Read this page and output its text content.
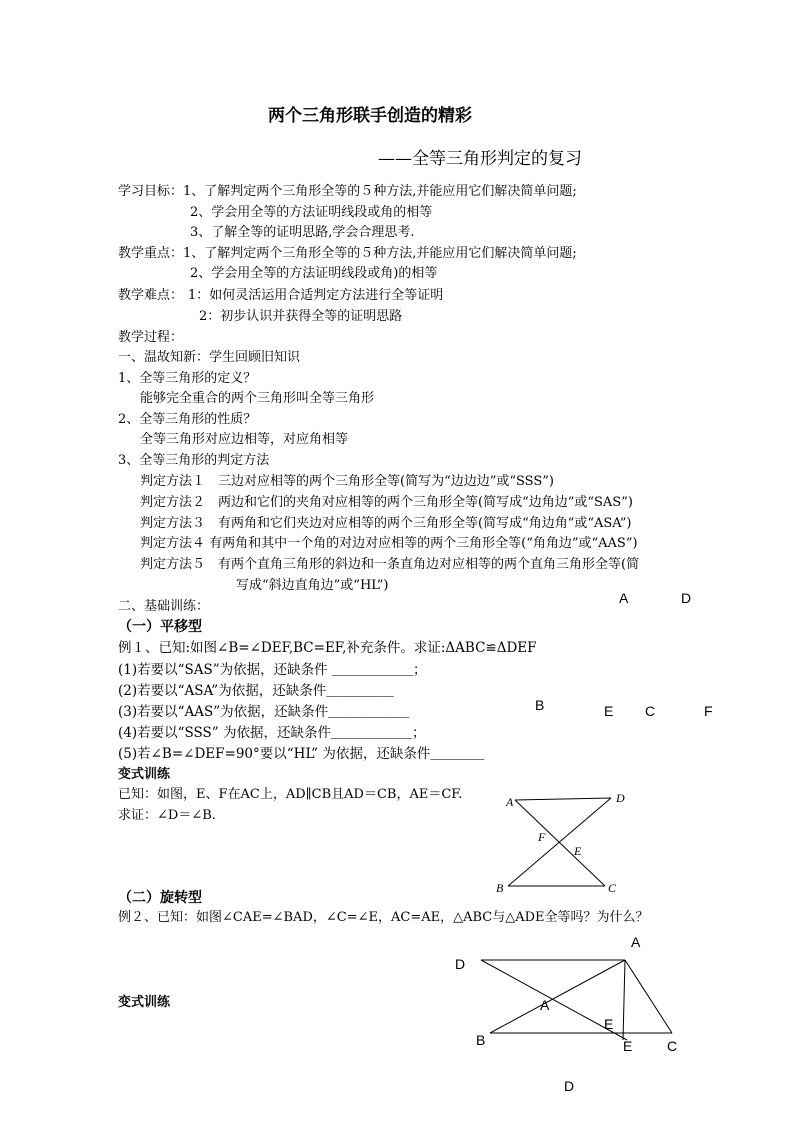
两个三角形联手创造的精彩
——全等三角形判定的复习
学习目标： 1、了解判定两个三角形全等的５种方法,并能应用它们解决简单问题;
2、学会用全等的方法证明线段或角的相等
3、了解全等的证明思路,学会合理思考.
教学重点： 1、了解判定两个三角形全等的５种方法,并能应用它们解决简单问题;
2、学会用全等的方法证明线段或角)的相等
教学难点： 1：如何灵活运用合适判定方法进行全等证明
2：初步认识并获得全等的证明思路
教学过程：
一、温故知新：学生回顾旧知识
1、全等三角形的定义？
能够完全重合的两个三角形叫全等三角形
2、全等三角形的性质？
全等三角形对应边相等，对应角相等
3、全等三角形的判定方法
判定方法１　三边对应相等的两个三角形全等(简写为“边边边”或“SSS”)
判定方法２　两边和它们的夹角对应相等的两个三角形全等(简写成“边角边”或“SAS”)
判定方法３　有两角和它们夹边对应相等的两个三角形全等(简写成“角边角”或“ASA”)
判定方法４ 有两角和其中一个角的对边对应相等的两个三角形全等(“角角边”或“AAS”)
判定方法５　有两个直角三角形的斜边和一条直角边对应相等的两个直角三角形全等(简
写成“斜边直角边”或“HL”)
二、基础训练：
（一）平移型
例１、已知:如图∠B=∠DEF,BC=EF,补充条件。求证:ΔABC≌ΔDEF
(1)若要以“SAS”为依据，还缺条件 ＿＿＿＿＿＿；
(2)若要以“ASA”为依据，还缺条件＿＿＿＿＿
(3)若要以“AAS”为依据，还缺条件＿＿＿＿＿＿
(4)若要以“SSS” 为依据，还缺条件＿＿＿＿＿＿；
(5)若∠B=∠DEF=90°要以“HL” 为依据，还缺条件＿＿＿＿
变式训练
已知：如图，E、F在AC上，AD∥CB且AD＝CB，AE＝CF.
求证：∠D＝∠B.
（二）旋转型
例２、已知：如图∠CAE=∠BAD，∠C=∠E，AC=AE，△ABC与△ADE全等吗？为什么？
变式训练
A	D
B	E C	F
A	D
F
E
B	C
A
D
A
E
B	E C
D
